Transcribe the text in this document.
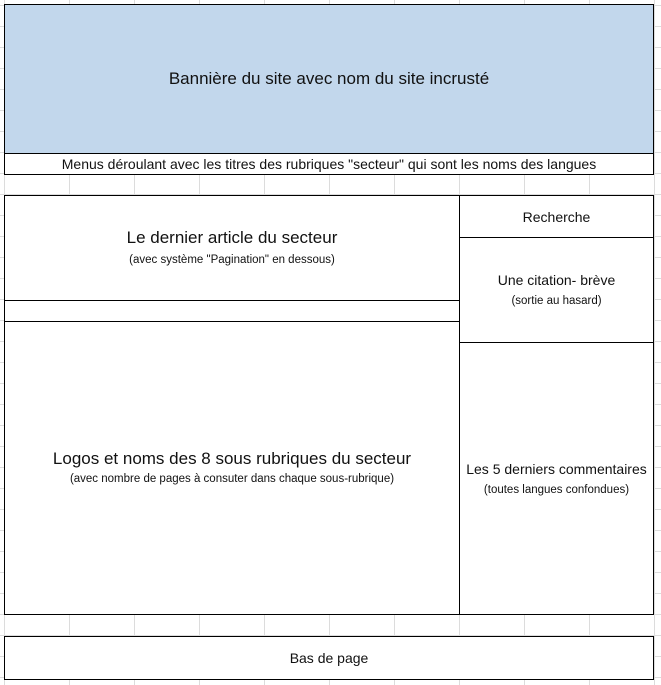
Bannière du site avec nom du site incrusté
Menus déroulant avec les titres des rubriques "secteur" qui sont les noms des langues
Le dernier article du secteur
(avec système "Pagination" en dessous)
Logos et noms des 8 sous rubriques du secteur
(avec nombre de pages à consuter dans chaque sous-rubrique)
Recherche
Une citation- brève
(sortie au hasard)
Les 5 derniers commentaires
(toutes langues confondues)
Bas de page
